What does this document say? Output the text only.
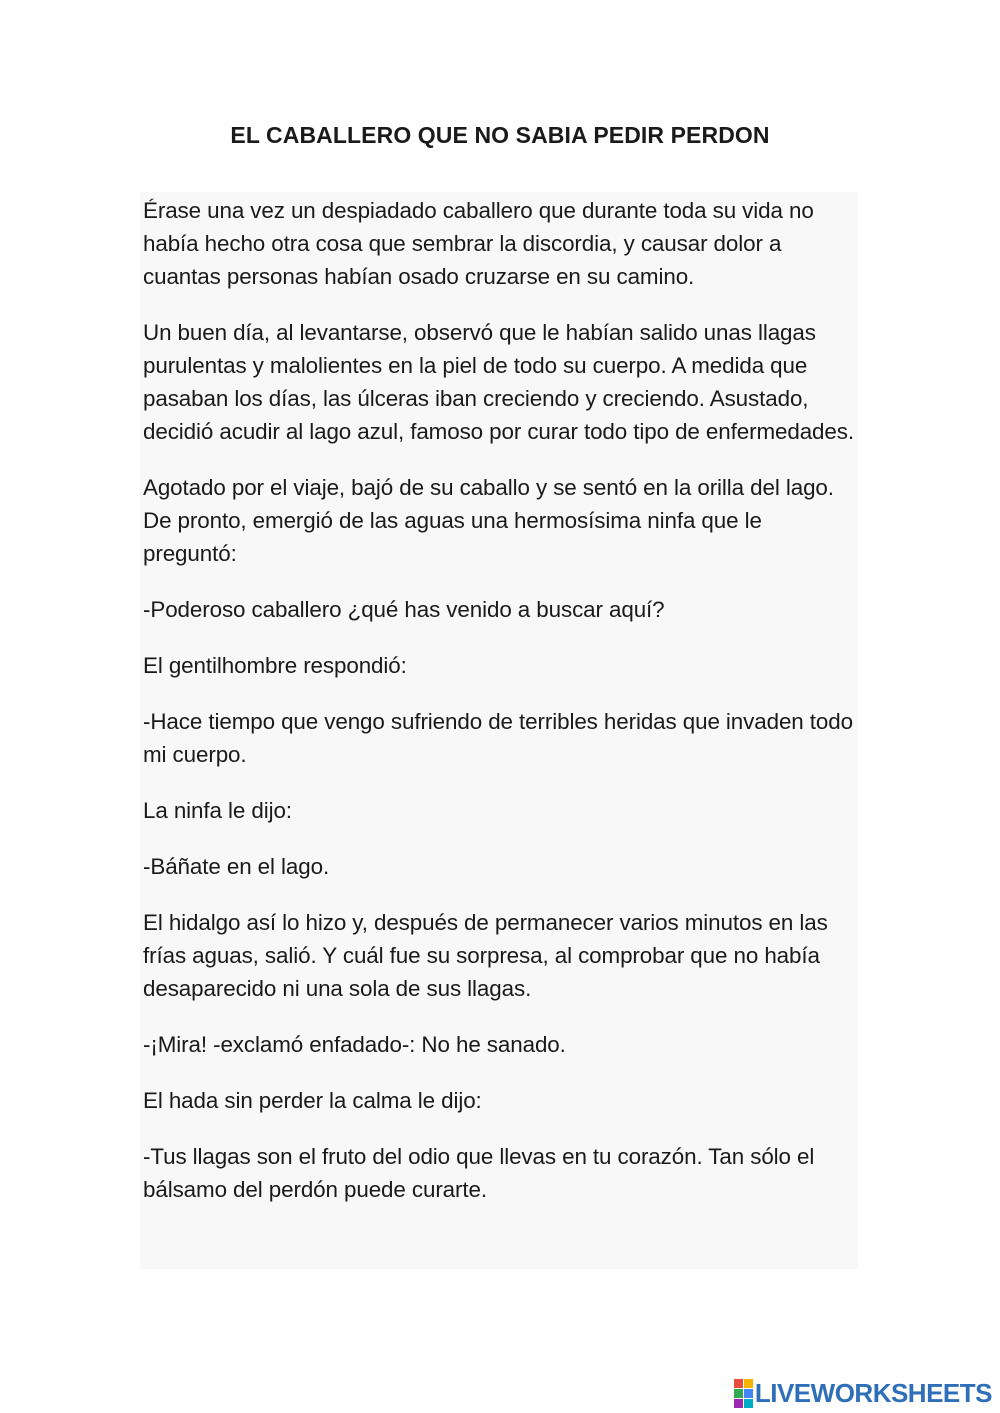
EL CABALLERO QUE NO SABIA PEDIR PERDON

Érase una vez un despiadado caballero que durante toda su vida no había hecho otra cosa que sembrar la discordia, y causar dolor a cuantas personas habían osado cruzarse en su camino.

Un buen día, al levantarse, observó que le habían salido unas llagas purulentas y malolientes en la piel de todo su cuerpo. A medida que pasaban los días, las úlceras iban creciendo y creciendo. Asustado, decidió acudir al lago azul, famoso por curar todo tipo de enfermedades.

Agotado por el viaje, bajó de su caballo y se sentó en la orilla del lago. De pronto, emergió de las aguas una hermosísima ninfa que le preguntó:

-Poderoso caballero ¿qué has venido a buscar aquí?

El gentilhombre respondió:

-Hace tiempo que vengo sufriendo de terribles heridas que invaden todo mi cuerpo.

La ninfa le dijo:

-Báñate en el lago.

El hidalgo así lo hizo y, después de permanecer varios minutos en las frías aguas, salió. Y cuál fue su sorpresa, al comprobar que no había desaparecido ni una sola de sus llagas.

-¡Mira! -exclamó enfadado-: No he sanado.

El hada sin perder la calma le dijo:

-Tus llagas son el fruto del odio que llevas en tu corazón. Tan sólo el bálsamo del perdón puede curarte.

LIVEWORKSHEETS
